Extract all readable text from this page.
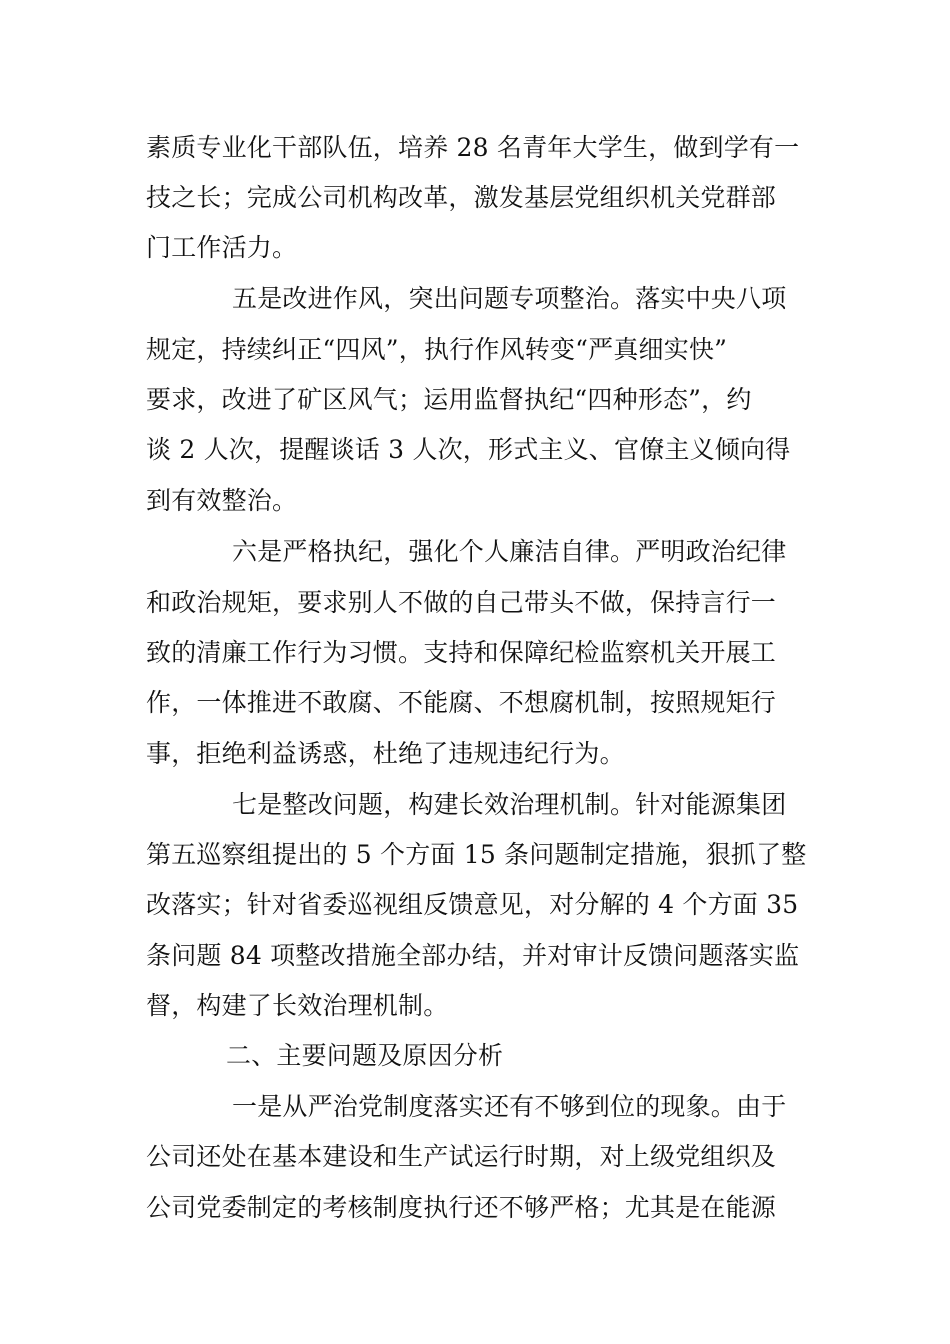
素质专业化干部队伍，培养 28 名青年大学生，做到学有一
技之长；完成公司机构改革，激发基层党组织机关党群部
门工作活力。
五是改进作风，突出问题专项整治。落实中央八项
规定，持续纠正“四风”，执行作风转变“严真细实快”
要求，改进了矿区风气；运用监督执纪“四种形态”，约
谈 2 人次，提醒谈话 3 人次，形式主义、官僚主义倾向得
到有效整治。
六是严格执纪，强化个人廉洁自律。严明政治纪律
和政治规矩，要求别人不做的自己带头不做，保持言行一
致的清廉工作行为习惯。支持和保障纪检监察机关开展工
作，一体推进不敢腐、不能腐、不想腐机制，按照规矩行
事，拒绝利益诱惑，杜绝了违规违纪行为。
七是整改问题，构建长效治理机制。针对能源集团
第五巡察组提出的 5 个方面 15 条问题制定措施，狠抓了整
改落实；针对省委巡视组反馈意见，对分解的 4 个方面 35
条问题 84 项整改措施全部办结，并对审计反馈问题落实监
督，构建了长效治理机制。
二、主要问题及原因分析
一是从严治党制度落实还有不够到位的现象。由于
公司还处在基本建设和生产试运行时期，对上级党组织及
公司党委制定的考核制度执行还不够严格；尤其是在能源
